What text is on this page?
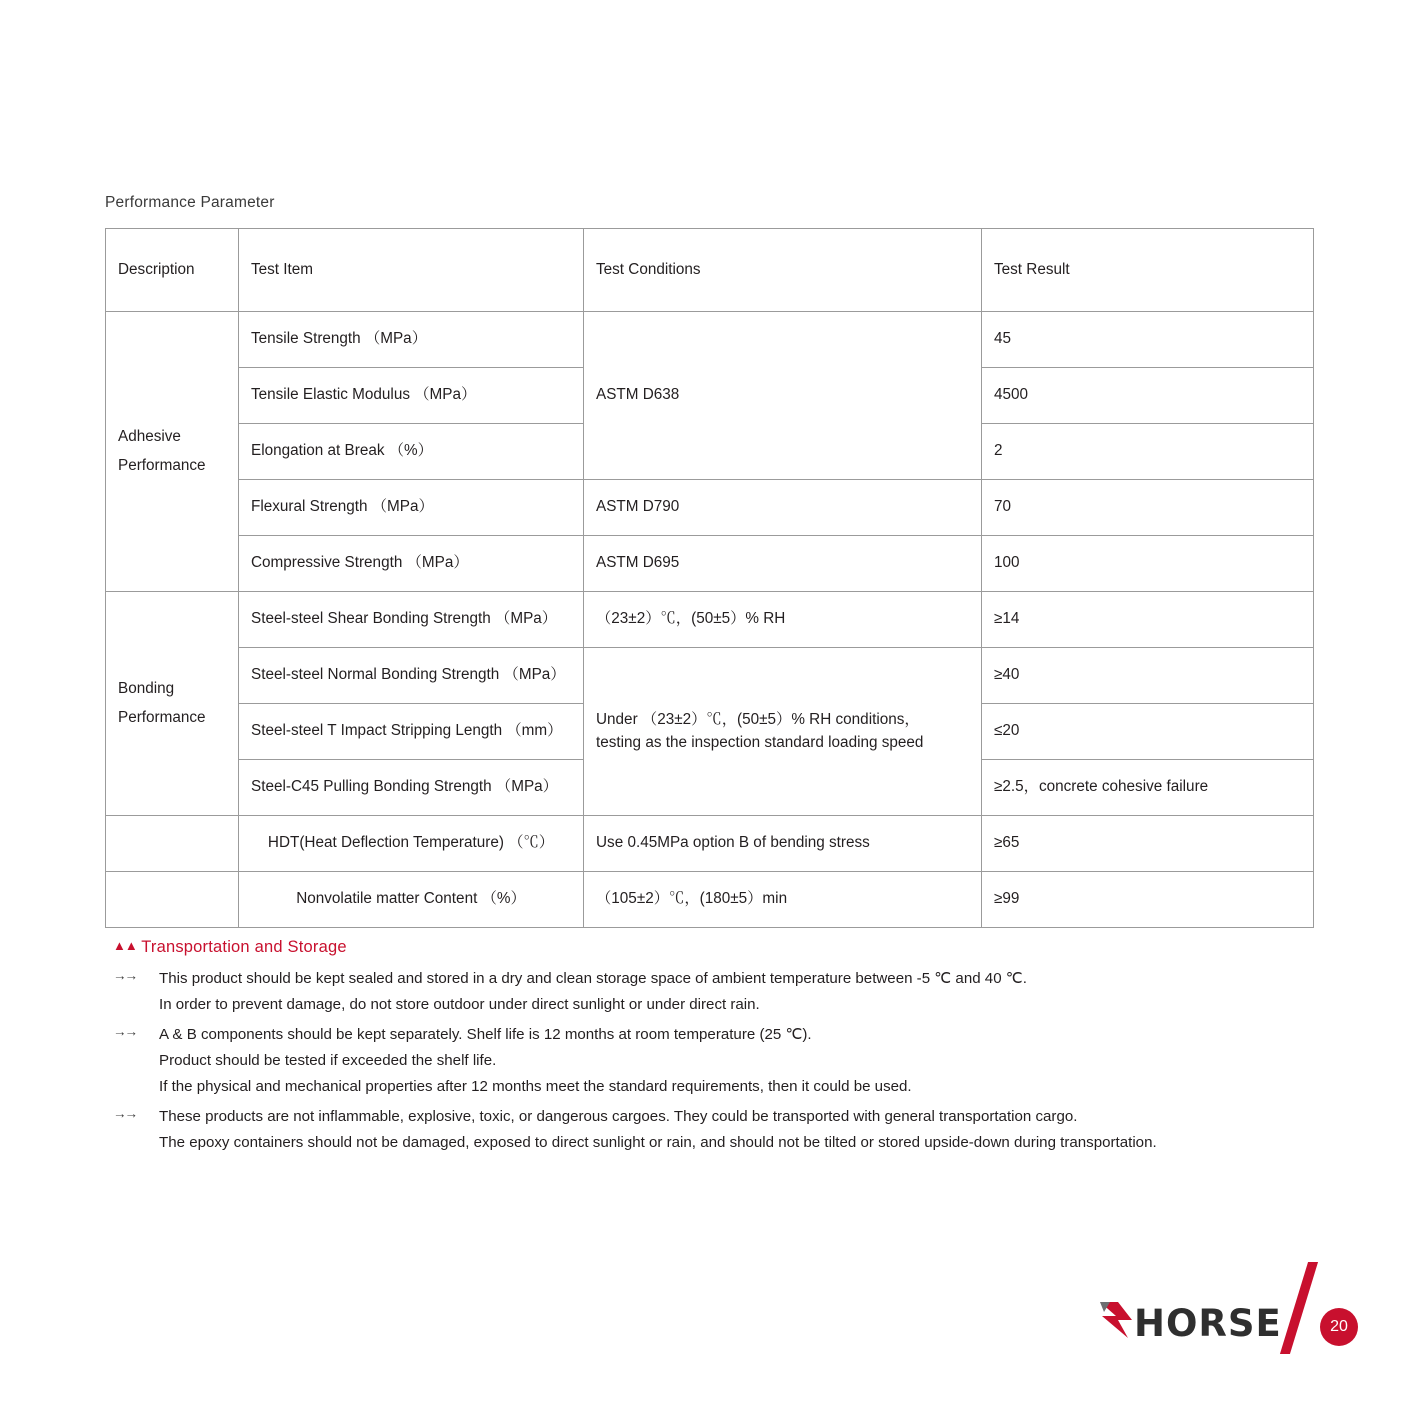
Performance Parameter
Description	Test Item	Test Conditions	Test Result

Adhesive
Performance	Tensile Strength （MPa）	ASTM D638	45
	Tensile Elastic Modulus （MPa）		4500
	Elongation at Break （%）		2
	Flexural Strength （MPa）	ASTM D790	70
	Compressive Strength （MPa）	ASTM D695	100

Bonding
Performance	Steel-steel Shear Bonding Strength （MPa）	（23±2）℃，(50±5）% RH	≥14
	Steel-steel Normal Bonding Strength （MPa）	Under （23±2）℃，(50±5）% RH conditions，
testing as the inspection standard loading speed	≥40
	Steel-steel T Impact Stripping Length （mm）		≤20
	Steel-C45 Pulling Bonding Strength （MPa）		≥2.5，concrete cohesive failure
	HDT(Heat Deflection Temperature) （℃）	Use 0.45MPa option B of bending stress	≥65
	Nonvolatile matter Content （%）	（105±2）℃，(180±5）min	≥99
▲▲ Transportation and Storage
→→ This product should be kept sealed and stored in a dry and clean storage space of ambient temperature between -5 ℃ and 40 ℃.
In order to prevent damage, do not store outdoor under direct sunlight or under direct rain.
→→ A & B components should be kept separately. Shelf life is 12 months at room temperature (25 ℃).
Product should be tested if exceeded the shelf life.
If the physical and mechanical properties after 12 months meet the standard requirements, then it could be used.
→→ These products are not inflammable, explosive, toxic, or dangerous cargoes. They could be transported with general transportation cargo.
The epoxy containers should not be damaged, exposed to direct sunlight or rain, and should not be tilted or stored upside-down during transportation.
HORSE	20
